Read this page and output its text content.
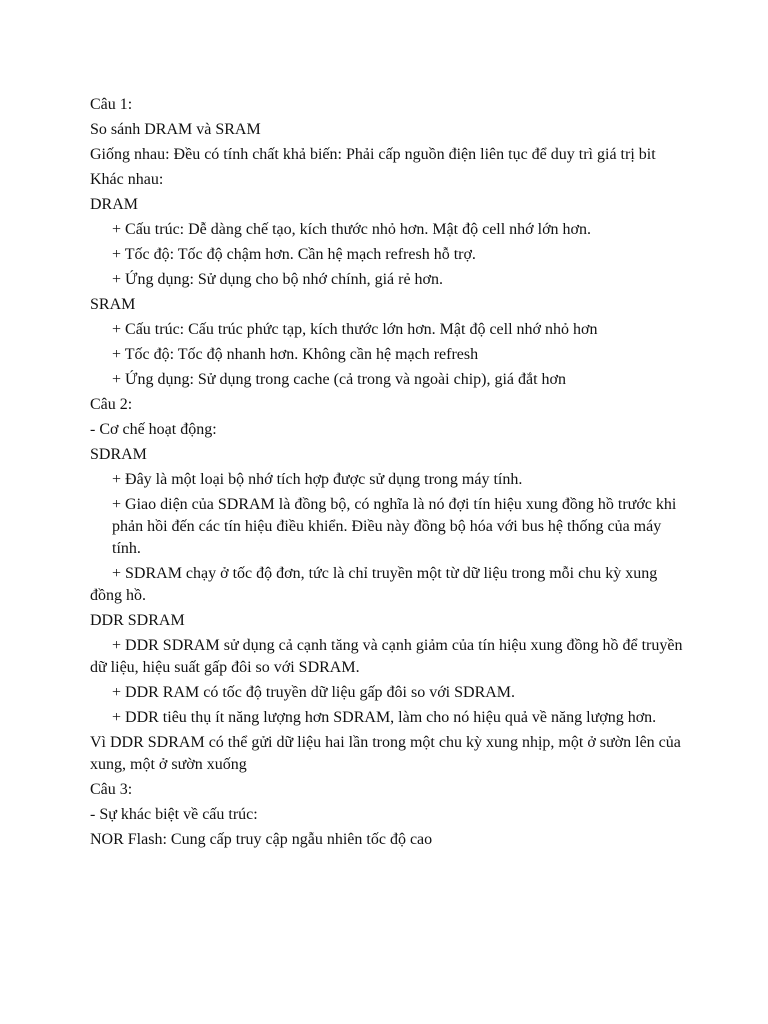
Câu 1:
So sánh DRAM và SRAM
Giống nhau: Đều có tính chất khả biến: Phải cấp nguồn điện liên tục để duy trì giá trị bit
Khác nhau:
DRAM
+ Cấu trúc: Dễ dàng chế tạo, kích thước nhỏ hơn. Mật độ cell nhớ lớn hơn.
+ Tốc độ: Tốc độ chậm hơn. Cần hệ mạch refresh hỗ trợ.
+ Ứng dụng: Sử dụng cho bộ nhớ chính, giá rẻ hơn.
SRAM
+ Cấu trúc: Cấu trúc phức tạp, kích thước lớn hơn. Mật độ cell nhớ nhỏ hơn
+ Tốc độ: Tốc độ nhanh hơn. Không cần hệ mạch refresh
+ Ứng dụng: Sử dụng trong cache (cả trong và ngoài chip), giá đắt hơn
Câu 2:
- Cơ chế hoạt động:
SDRAM
+ Đây là một loại bộ nhớ tích hợp được sử dụng trong máy tính.
+ Giao diện của SDRAM là đồng bộ, có nghĩa là nó đợi tín hiệu xung đồng hồ trước khi phản hồi đến các tín hiệu điều khiển. Điều này đồng bộ hóa với bus hệ thống của máy tính.
+ SDRAM chạy ở tốc độ đơn, tức là chỉ truyền một từ dữ liệu trong mỗi chu kỳ xung đồng hồ.
DDR SDRAM
+ DDR SDRAM sử dụng cả cạnh tăng và cạnh giảm của tín hiệu xung đồng hồ để truyền dữ liệu, hiệu suất gấp đôi so với SDRAM.
+ DDR RAM có tốc độ truyền dữ liệu gấp đôi so với SDRAM.
+ DDR tiêu thụ ít năng lượng hơn SDRAM, làm cho nó hiệu quả về năng lượng hơn.
Vì DDR SDRAM có thể gửi dữ liệu hai lần trong một chu kỳ xung nhịp, một ở sườn lên của xung, một ở sườn xuống
Câu 3:
- Sự khác biệt về cấu trúc:
NOR Flash: Cung cấp truy cập ngẫu nhiên tốc độ cao
